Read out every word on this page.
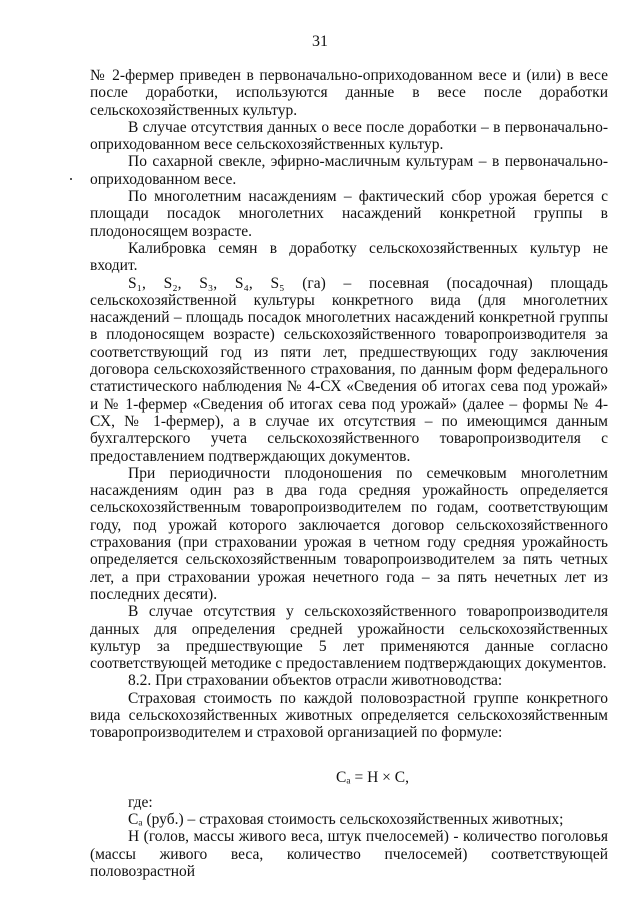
31

№ 2-фермер приведен в первоначально-оприходованном весе и (или) в весе после доработки, используются данные в весе после доработки сельскохозяйственных культур.

В случае отсутствия данных о весе после доработки – в первоначально-оприходованном весе сельскохозяйственных культур.

По сахарной свекле, эфирно-масличным культурам – в первоначально-оприходованном весе.

По многолетним насаждениям – фактический сбор урожая берется с площади посадок многолетних насаждений конкретной группы в плодоносящем возрасте.

Калибровка семян в доработку сельскохозяйственных культур не входит.

S₁, S₂, S₃, S₄, S₅ (га) – посевная (посадочная) площадь сельскохозяйственной культуры конкретного вида (для многолетних насаждений – площадь посадок многолетних насаждений конкретной группы в плодоносящем возрасте) сельскохозяйственного товаропроизводителя за соответствующий год из пяти лет, предшествующих году заключения договора сельскохозяйственного страхования, по данным форм федерального статистического наблюдения № 4-СХ «Сведения об итогах сева под урожай» и № 1-фермер «Сведения об итогах сева под урожай» (далее – формы № 4-СХ, № 1-фермер), а в случае их отсутствия – по имеющимся данным бухгалтерского учета сельскохозяйственного товаропроизводителя с предоставлением подтверждающих документов.

При периодичности плодоношения по семечковым многолетним насаждениям один раз в два года средняя урожайность определяется сельскохозяйственным товаропроизводителем по годам, соответствующим году, под урожай которого заключается договор сельскохозяйственного страхования (при страховании урожая в четном году средняя урожайность определяется сельскохозяйственным товаропроизводителем за пять четных лет, а при страховании урожая нечетного года – за пять нечетных лет из последних десяти).

В случае отсутствия у сельскохозяйственного товаропроизводителя данных для определения средней урожайности сельскохозяйственных культур за предшествующие 5 лет применяются данные согласно соответствующей методике с предоставлением подтверждающих документов.

8.2. При страховании объектов отрасли животноводства:

Страховая стоимость по каждой половозрастной группе конкретного вида сельскохозяйственных животных определяется сельскохозяйственным товаропроизводителем и страховой организацией по формуле:

Cₐ = H × C,

где:

Cₐ (руб.) – страховая стоимость сельскохозяйственных животных;

H (голов, массы живого веса, штук пчелосемей) - количество поголовья (массы живого веса, количество пчелосемей) соответствующей половозрастной
